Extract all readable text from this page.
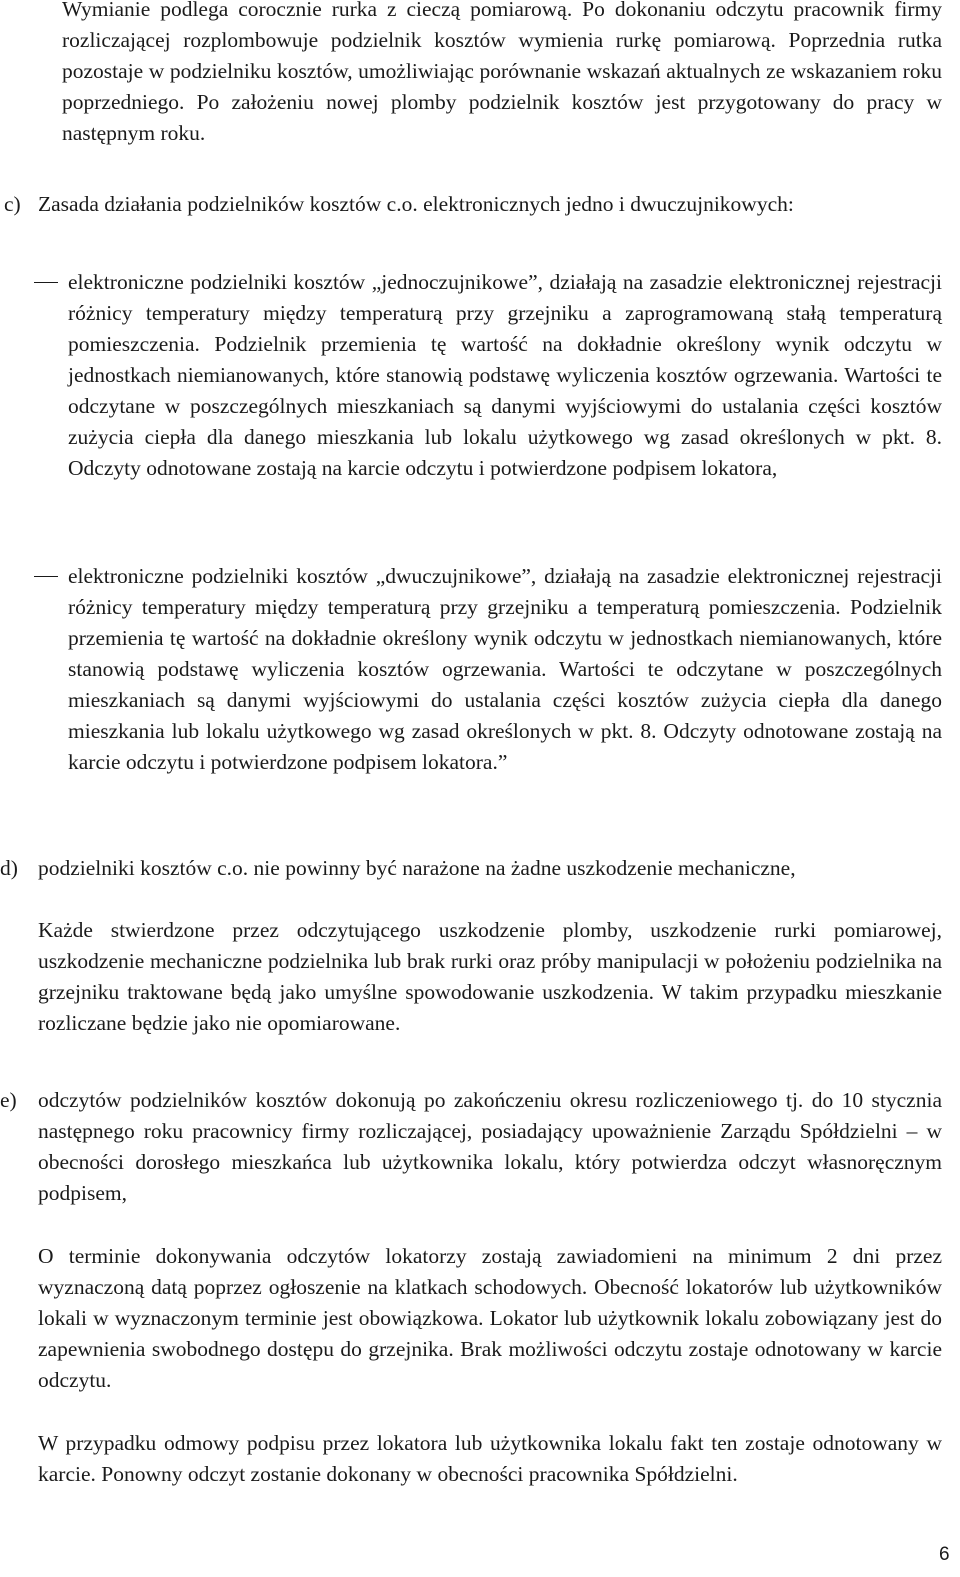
Wymianie podlega corocznie rurka z cieczą pomiarową. Po dokonaniu odczytu pracownik firmy rozliczającej rozplombowuje podzielnik kosztów wymienia rurkę pomiarową. Poprzednia rutka pozostaje w podzielniku kosztów, umożliwiając porównanie wskazań aktualnych ze wskazaniem roku poprzedniego. Po założeniu nowej plomby podzielnik kosztów jest przygotowany do pracy w następnym roku.

c) Zasada działania podzielników kosztów c.o. elektronicznych jedno i dwuczujnikowych:

elektroniczne podzielniki kosztów „jednoczujnikowe”, działają na zasadzie elektronicznej rejestracji różnicy temperatury między temperaturą przy grzejniku a zaprogramowaną stałą temperaturą pomieszczenia. Podzielnik przemienia tę wartość na dokładnie określony wynik odczytu w jednostkach niemianowanych, które stanowią podstawę wyliczenia kosztów ogrzewania. Wartości te odczytane w poszczególnych mieszkaniach są danymi wyjściowymi do ustalania części kosztów zużycia ciepła dla danego mieszkania lub lokalu użytkowego wg zasad określonych w pkt. 8. Odczyty odnotowane zostają na karcie odczytu i potwierdzone podpisem lokatora,

elektroniczne podzielniki kosztów „dwuczujnikowe”, działają na zasadzie elektronicznej rejestracji różnicy temperatury między temperaturą przy grzejniku a temperaturą pomieszczenia. Podzielnik przemienia tę wartość na dokładnie określony wynik odczytu w jednostkach niemianowanych, które stanowią podstawę wyliczenia kosztów ogrzewania. Wartości te odczytane w poszczególnych mieszkaniach są danymi wyjściowymi do ustalania części kosztów zużycia ciepła dla danego mieszkania lub lokalu użytkowego wg zasad określonych w pkt. 8. Odczyty odnotowane zostają na karcie odczytu i potwierdzone podpisem lokatora.”

d) podzielniki kosztów c.o. nie powinny być narażone na żadne uszkodzenie mechaniczne,

Każde stwierdzone przez odczytującego uszkodzenie plomby, uszkodzenie rurki pomiarowej, uszkodzenie mechaniczne podzielnika lub brak rurki oraz próby manipulacji w położeniu podzielnika na grzejniku traktowane będą jako umyślne spowodowanie uszkodzenia. W takim przypadku mieszkanie rozliczane będzie jako nie opomiarowane.

e) odczytów podzielników kosztów dokonują po zakończeniu okresu rozliczeniowego tj. do 10 stycznia następnego roku pracownicy firmy rozliczającej, posiadający upoważnienie Zarządu Spółdzielni – w obecności dorosłego mieszkańca lub użytkownika lokalu, który potwierdza odczyt własnoręcznym podpisem,

O terminie dokonywania odczytów lokatorzy zostają zawiadomieni na minimum 2 dni przez wyznaczoną datą poprzez ogłoszenie na klatkach schodowych. Obecność lokatorów lub użytkowników lokali w wyznaczonym terminie jest obowiązkowa. Lokator lub użytkownik lokalu zobowiązany jest do zapewnienia swobodnego dostępu do grzejnika. Brak możliwości odczytu zostaje odnotowany w karcie odczytu.

W przypadku odmowy podpisu przez lokatora lub użytkownika lokalu fakt ten zostaje odnotowany w karcie. Ponowny odczyt zostanie dokonany w obecności pracownika Spółdzielni.

6
